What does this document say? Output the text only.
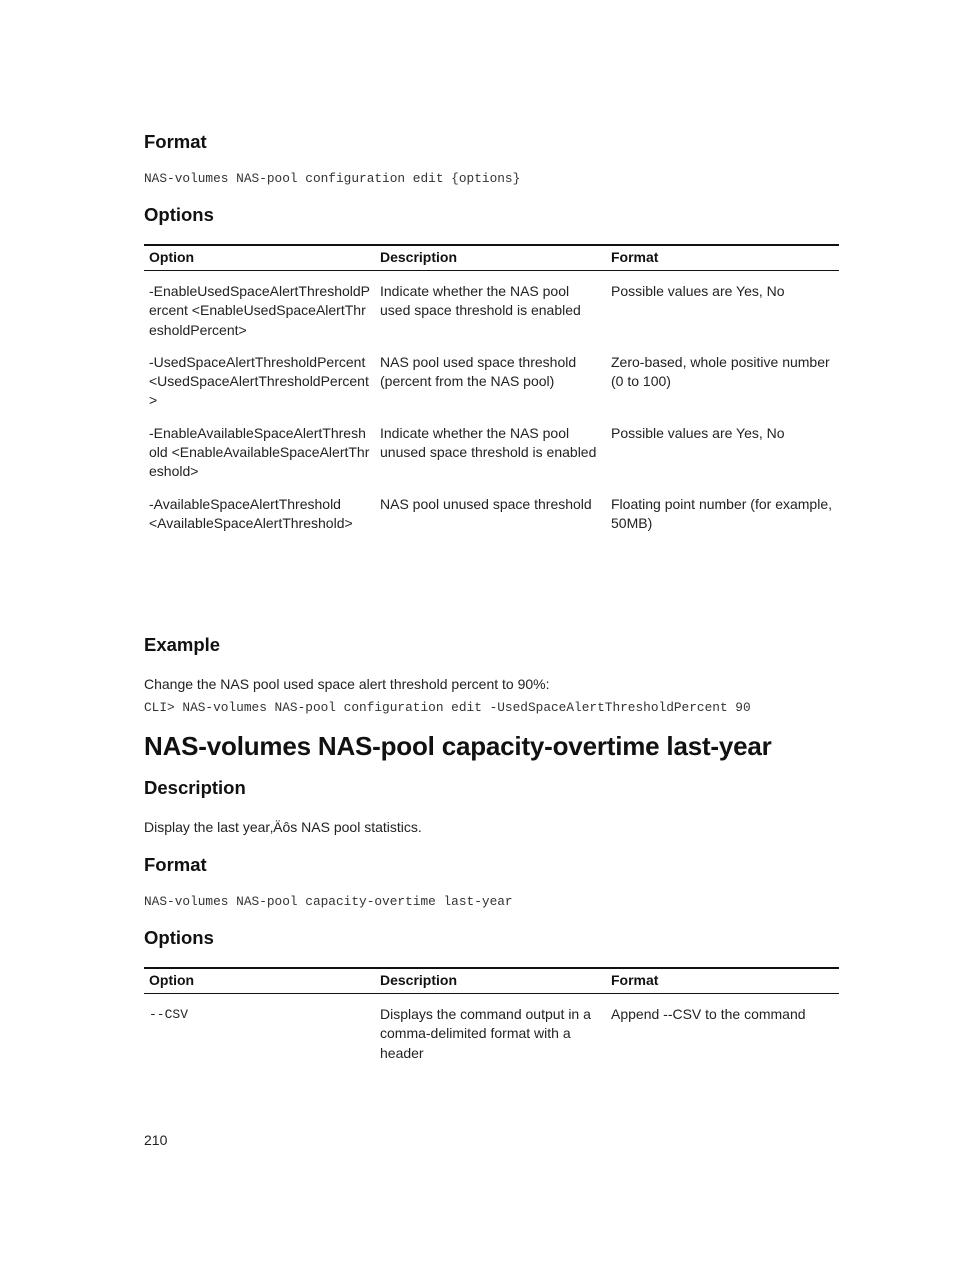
Format
NAS-volumes NAS-pool configuration edit {options}
Options
Option	Description	Format
-EnableUsedSpaceAlertThresholdPercent <EnableUsedSpaceAlertThresholdPercent>	Indicate whether the NAS pool used space threshold is enabled	Possible values are Yes, No
-UsedSpaceAlertThresholdPercent <UsedSpaceAlertThresholdPercent>	NAS pool used space threshold (percent from the NAS pool)	Zero-based, whole positive number (0 to 100)
-EnableAvailableSpaceAlertThreshold <EnableAvailableSpaceAlertThreshold>	Indicate whether the NAS pool unused space threshold is enabled	Possible values are Yes, No
-AvailableSpaceAlertThreshold <AvailableSpaceAlertThreshold>	NAS pool unused space threshold	Floating point number (for example, 50MB)
Example
Change the NAS pool used space alert threshold percent to 90%:
CLI> NAS-volumes NAS-pool configuration edit -UsedSpaceAlertThresholdPercent 90
NAS-volumes NAS-pool capacity-overtime last-year
Description
Display the last year‚Äôs NAS pool statistics.
Format
NAS-volumes NAS-pool capacity-overtime last-year
Options
Option	Description	Format
--CSV	Displays the command output in a comma-delimited format with a header	Append --CSV to the command
210
